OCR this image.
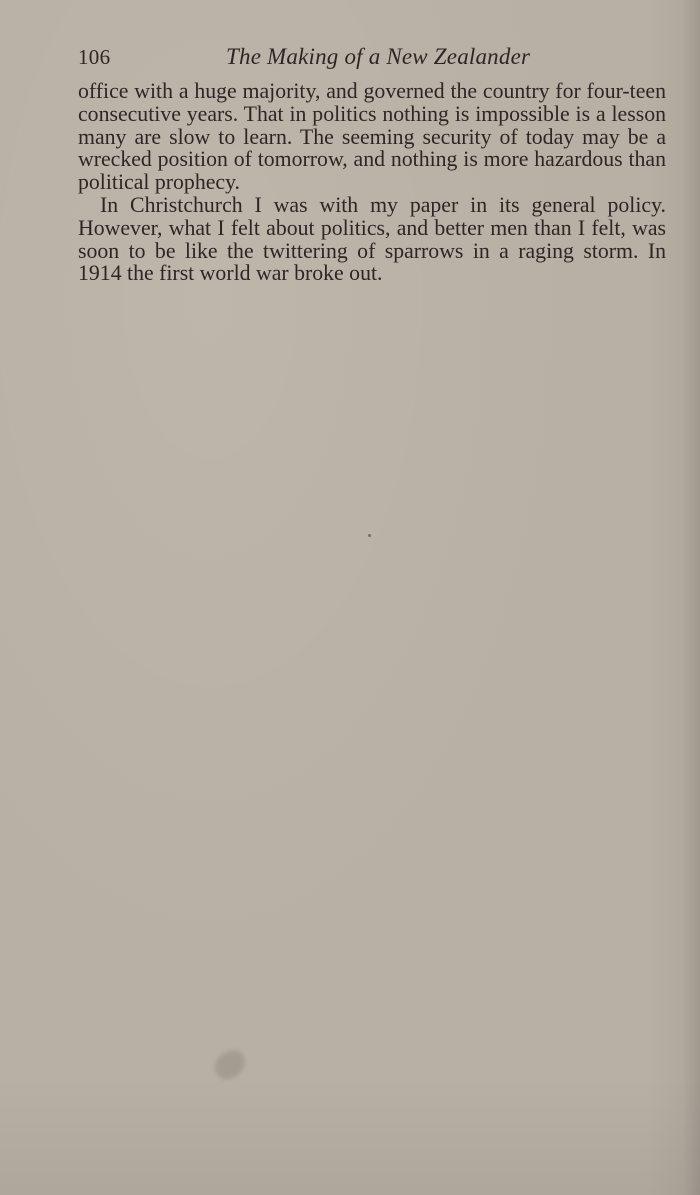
106	The Making of a New Zealander

office with a huge majority, and governed the country for four-teen consecutive years. That in politics nothing is impossible is a lesson many are slow to learn. The seeming security of today may be a wrecked position of tomorrow, and nothing is more hazardous than political prophecy.

In Christchurch I was with my paper in its general policy. However, what I felt about politics, and better men than I felt, was soon to be like the twittering of sparrows in a raging storm. In 1914 the first world war broke out.
